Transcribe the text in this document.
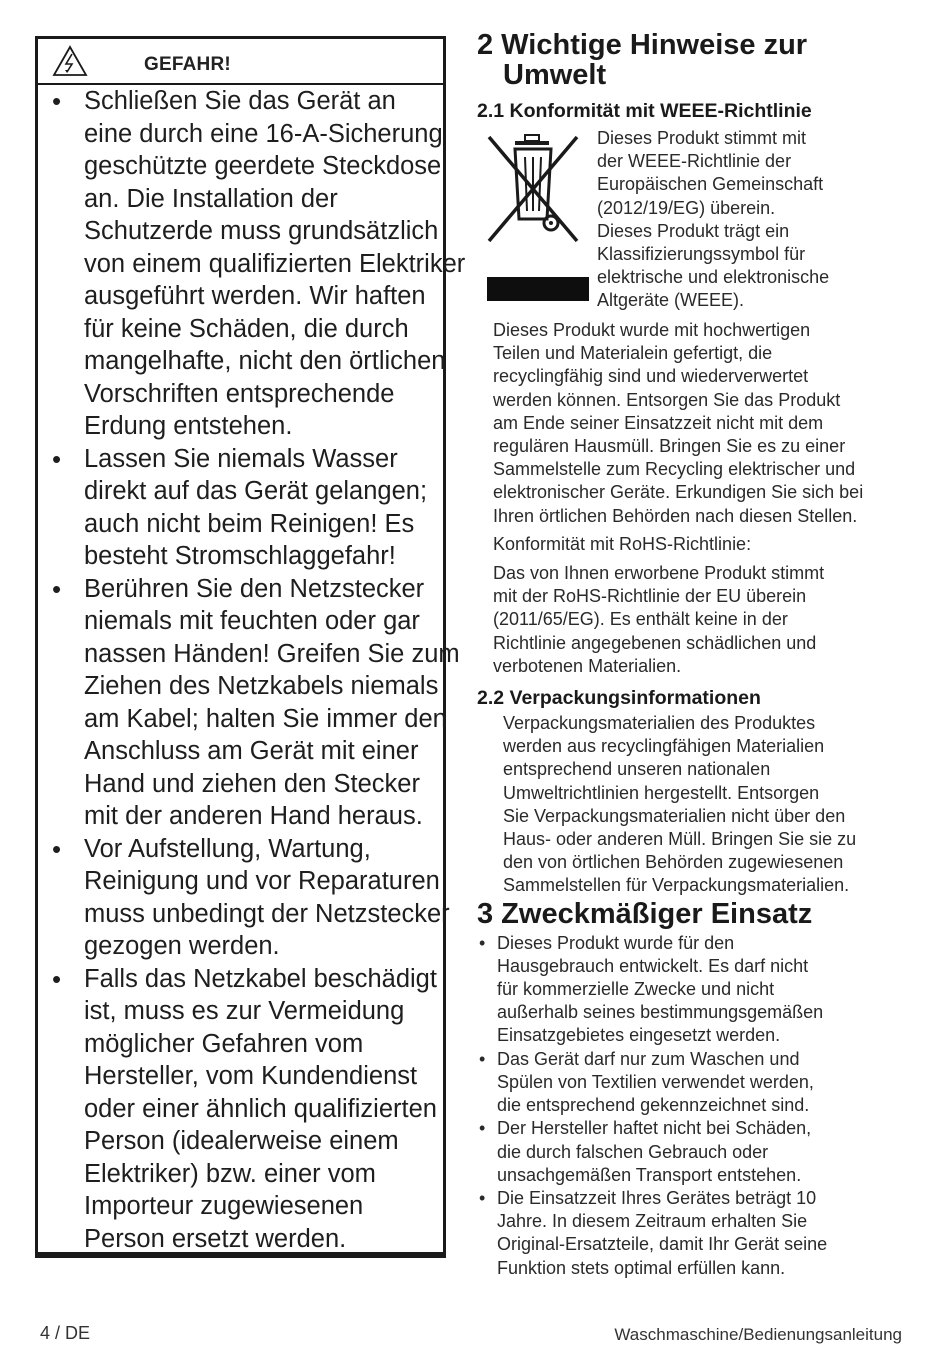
GEFAHR!
• Schließen Sie das Gerät an
eine durch eine 16-A-Sicherung
geschützte geerdete Steckdose
an. Die Installation der
Schutzerde muss grundsätzlich
von einem qualifizierten Elektriker
ausgeführt werden. Wir haften
für keine Schäden, die durch
mangelhafte, nicht den örtlichen
Vorschriften entsprechende
Erdung entstehen.
• Lassen Sie niemals Wasser
direkt auf das Gerät gelangen;
auch nicht beim Reinigen! Es
besteht Stromschlaggefahr!
• Berühren Sie den Netzstecker
niemals mit feuchten oder gar
nassen Händen! Greifen Sie zum
Ziehen des Netzkabels niemals
am Kabel; halten Sie immer den
Anschluss am Gerät mit einer
Hand und ziehen den Stecker
mit der anderen Hand heraus.
• Vor Aufstellung, Wartung,
Reinigung und vor Reparaturen
muss unbedingt der Netzstecker
gezogen werden.
• Falls das Netzkabel beschädigt
ist, muss es zur Vermeidung
möglicher Gefahren vom
Hersteller, vom Kundendienst
oder einer ähnlich qualifizierten
Person (idealerweise einem
Elektriker) bzw. einer vom
Importeur zugewiesenen
Person ersetzt werden.
2 Wichtige Hinweise zur
Umwelt

2.1 Konformität mit WEEE-Richtlinie

Dieses Produkt stimmt mit
der WEEE-Richtlinie der
Europäischen Gemeinschaft
(2012/19/EG) überein.
Dieses Produkt trägt ein
Klassifizierungssymbol für
elektrische und elektronische
Altgeräte (WEEE).
Dieses Produkt wurde mit hochwertigen
Teilen und Materialein gefertigt, die
recyclingfähig sind und wiederverwertet
werden können. Entsorgen Sie das Produkt
am Ende seiner Einsatzzeit nicht mit dem
regulären Hausmüll. Bringen Sie es zu einer
Sammelstelle zum Recycling elektrischer und
elektronischer Geräte. Erkundigen Sie sich bei
Ihren örtlichen Behörden nach diesen Stellen.
Konformität mit RoHS-Richtlinie:
Das von Ihnen erworbene Produkt stimmt
mit der RoHS-Richtlinie der EU überein
(2011/65/EG). Es enthält keine in der
Richtlinie angegebenen schädlichen und
verbotenen Materialien.

2.2 Verpackungsinformationen

Verpackungsmaterialien des Produktes
werden aus recyclingfähigen Materialien
entsprechend unseren nationalen
Umweltrichtlinien hergestellt. Entsorgen
Sie Verpackungsmaterialien nicht über den
Haus- oder anderen Müll. Bringen Sie sie zu
den von örtlichen Behörden zugewiesenen
Sammelstellen für Verpackungsmaterialien.
3 Zweckmäßiger Einsatz
• Dieses Produkt wurde für den
Hausgebrauch entwickelt. Es darf nicht
für kommerzielle Zwecke und nicht
außerhalb seines bestimmungsgemäßen
Einsatzgebietes eingesetzt werden.
• Das Gerät darf nur zum Waschen und
Spülen von Textilien verwendet werden,
die entsprechend gekennzeichnet sind.
• Der Hersteller haftet nicht bei Schäden,
die durch falschen Gebrauch oder
unsachgemäßen Transport entstehen.
• Die Einsatzzeit Ihres Gerätes beträgt 10
Jahre. In diesem Zeitraum erhalten Sie
Original-Ersatzteile, damit Ihr Gerät seine
Funktion stets optimal erfüllen kann.
4 / DE	Waschmaschine/Bedienungsanleitung
